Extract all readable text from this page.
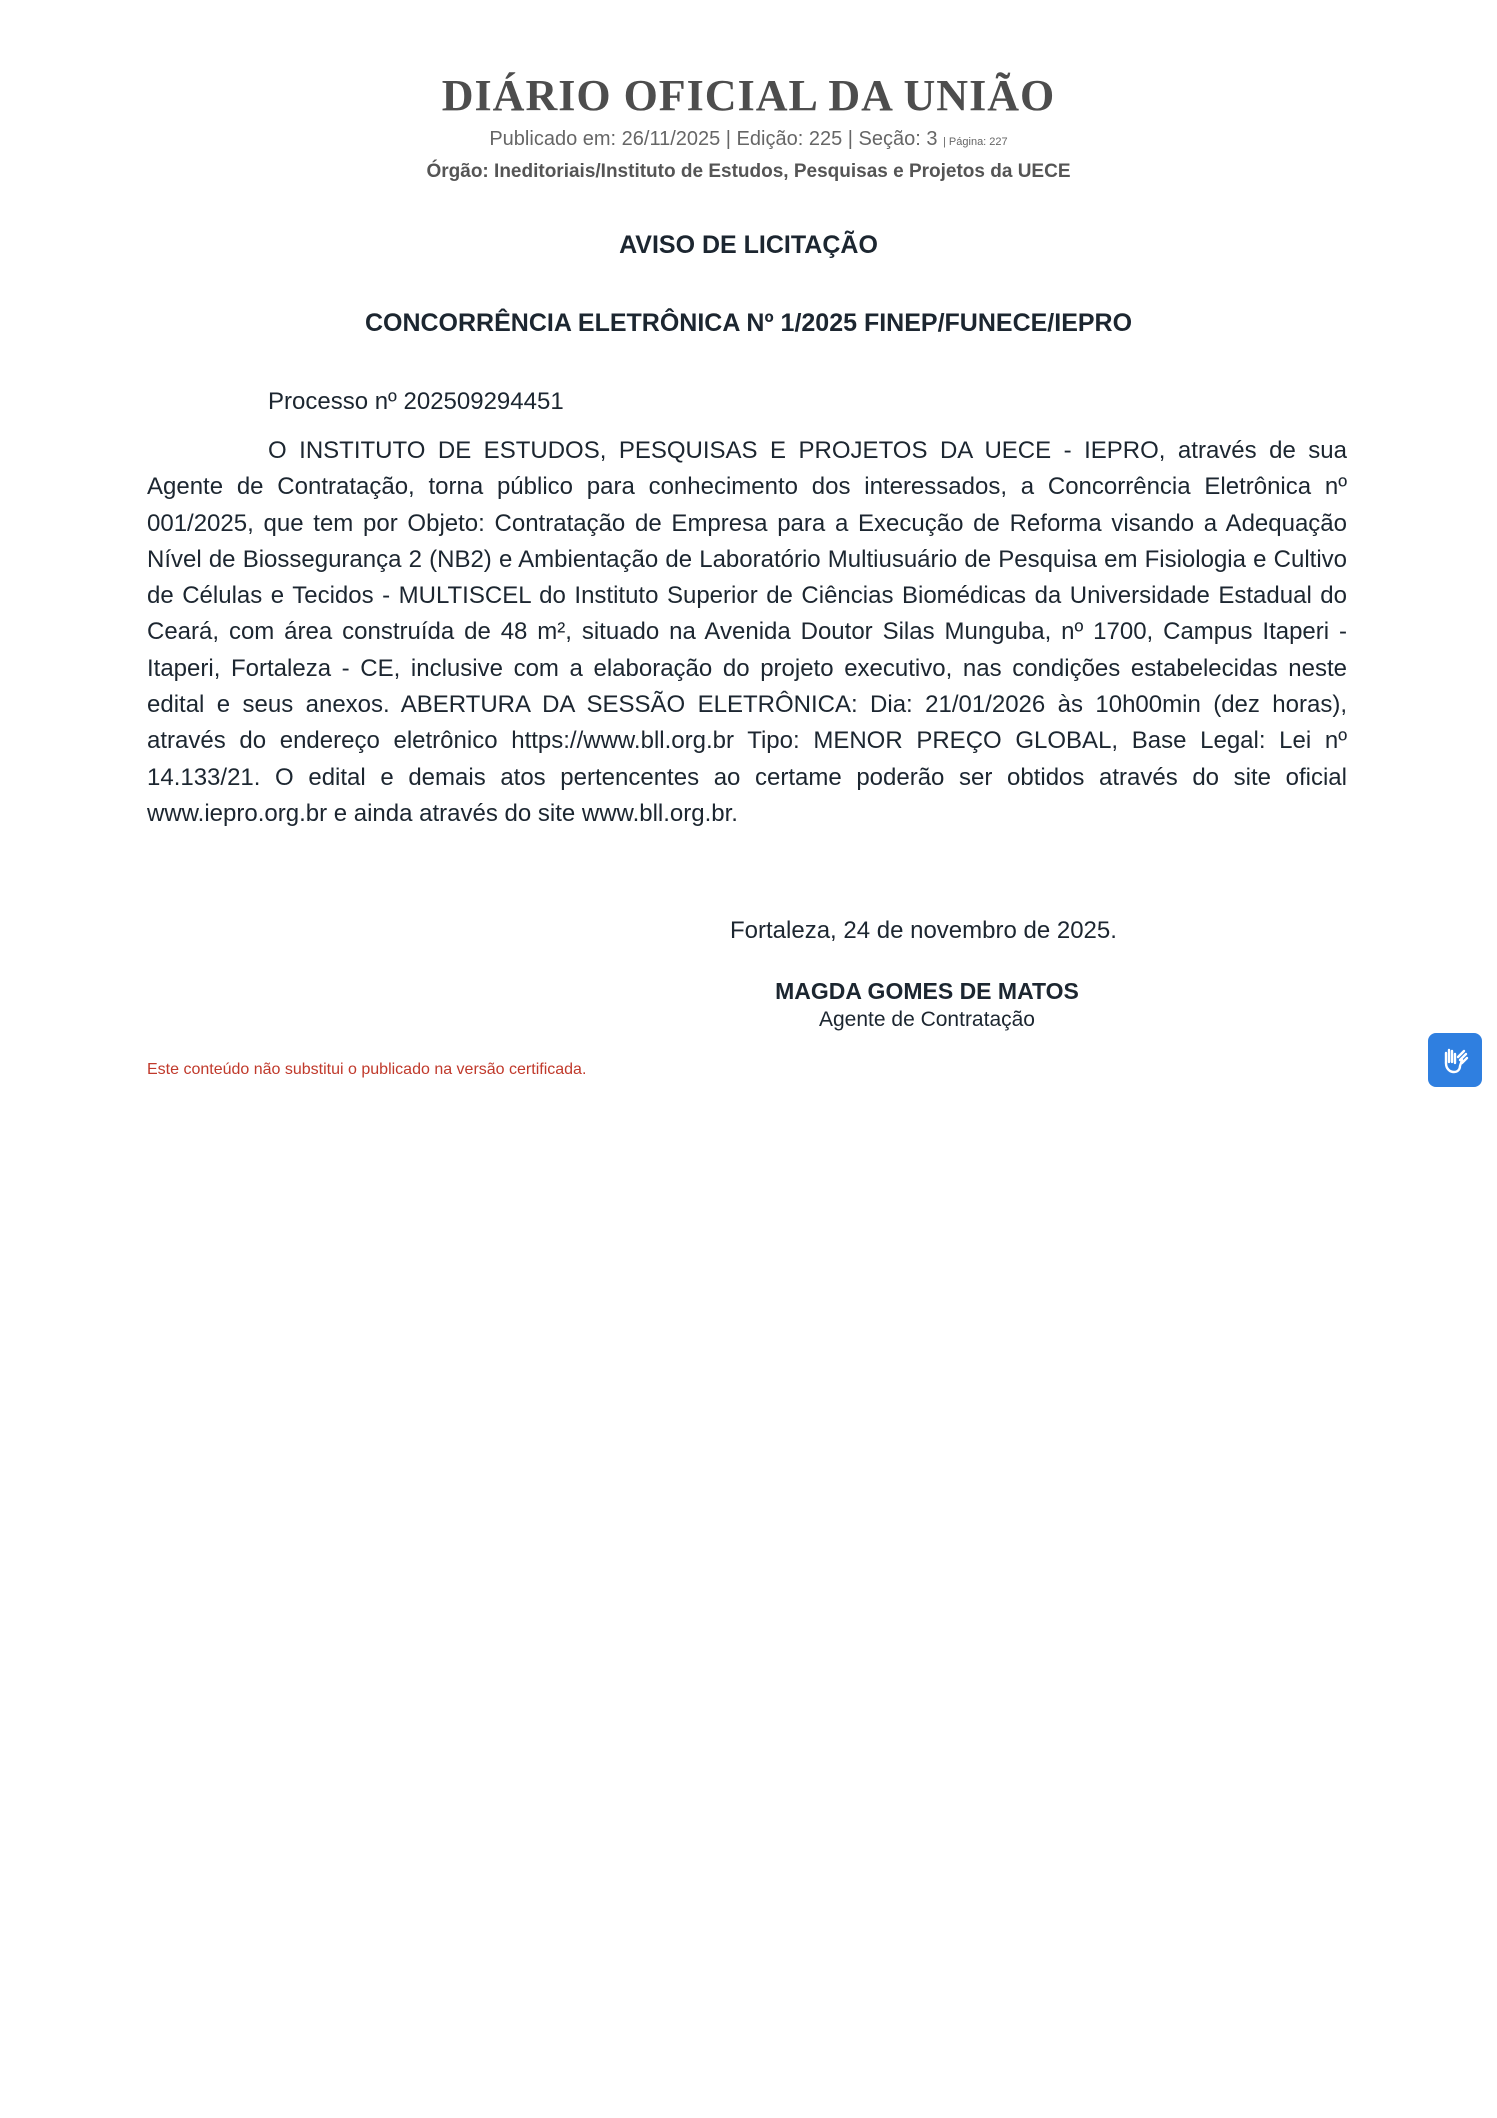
DIÁRIO OFICIAL DA UNIÃO
Publicado em: 26/11/2025 | Edição: 225 | Seção: 3 | Página: 227
Órgão: Ineditoriais/Instituto de Estudos, Pesquisas e Projetos da UECE
AVISO DE LICITAÇÃO
CONCORRÊNCIA ELETRÔNICA Nº 1/2025 FINEP/FUNECE/IEPRO
Processo nº 202509294451

O INSTITUTO DE ESTUDOS, PESQUISAS E PROJETOS DA UECE - IEPRO, através de sua Agente de Contratação, torna público para conhecimento dos interessados, a Concorrência Eletrônica nº 001/2025, que tem por Objeto: Contratação de Empresa para a Execução de Reforma visando a Adequação Nível de Biossegurança 2 (NB2) e Ambientação de Laboratório Multiusuário de Pesquisa em Fisiologia e Cultivo de Células e Tecidos - MULTISCEL do Instituto Superior de Ciências Biomédicas da Universidade Estadual do Ceará, com área construída de 48 m², situado na Avenida Doutor Silas Munguba, nº 1700, Campus Itaperi - Itaperi, Fortaleza - CE, inclusive com a elaboração do projeto executivo, nas condições estabelecidas neste edital e seus anexos. ABERTURA DA SESSÃO ELETRÔNICA: Dia: 21/01/2026 às 10h00min (dez horas), através do endereço eletrônico https://www.bll.org.br Tipo: MENOR PREÇO GLOBAL, Base Legal: Lei nº 14.133/21. O edital e demais atos pertencentes ao certame poderão ser obtidos através do site oficial www.iepro.org.br e ainda através do site www.bll.org.br.

Fortaleza, 24 de novembro de 2025.
MAGDA GOMES DE MATOS
Agente de Contratação
Este conteúdo não substitui o publicado na versão certificada.
